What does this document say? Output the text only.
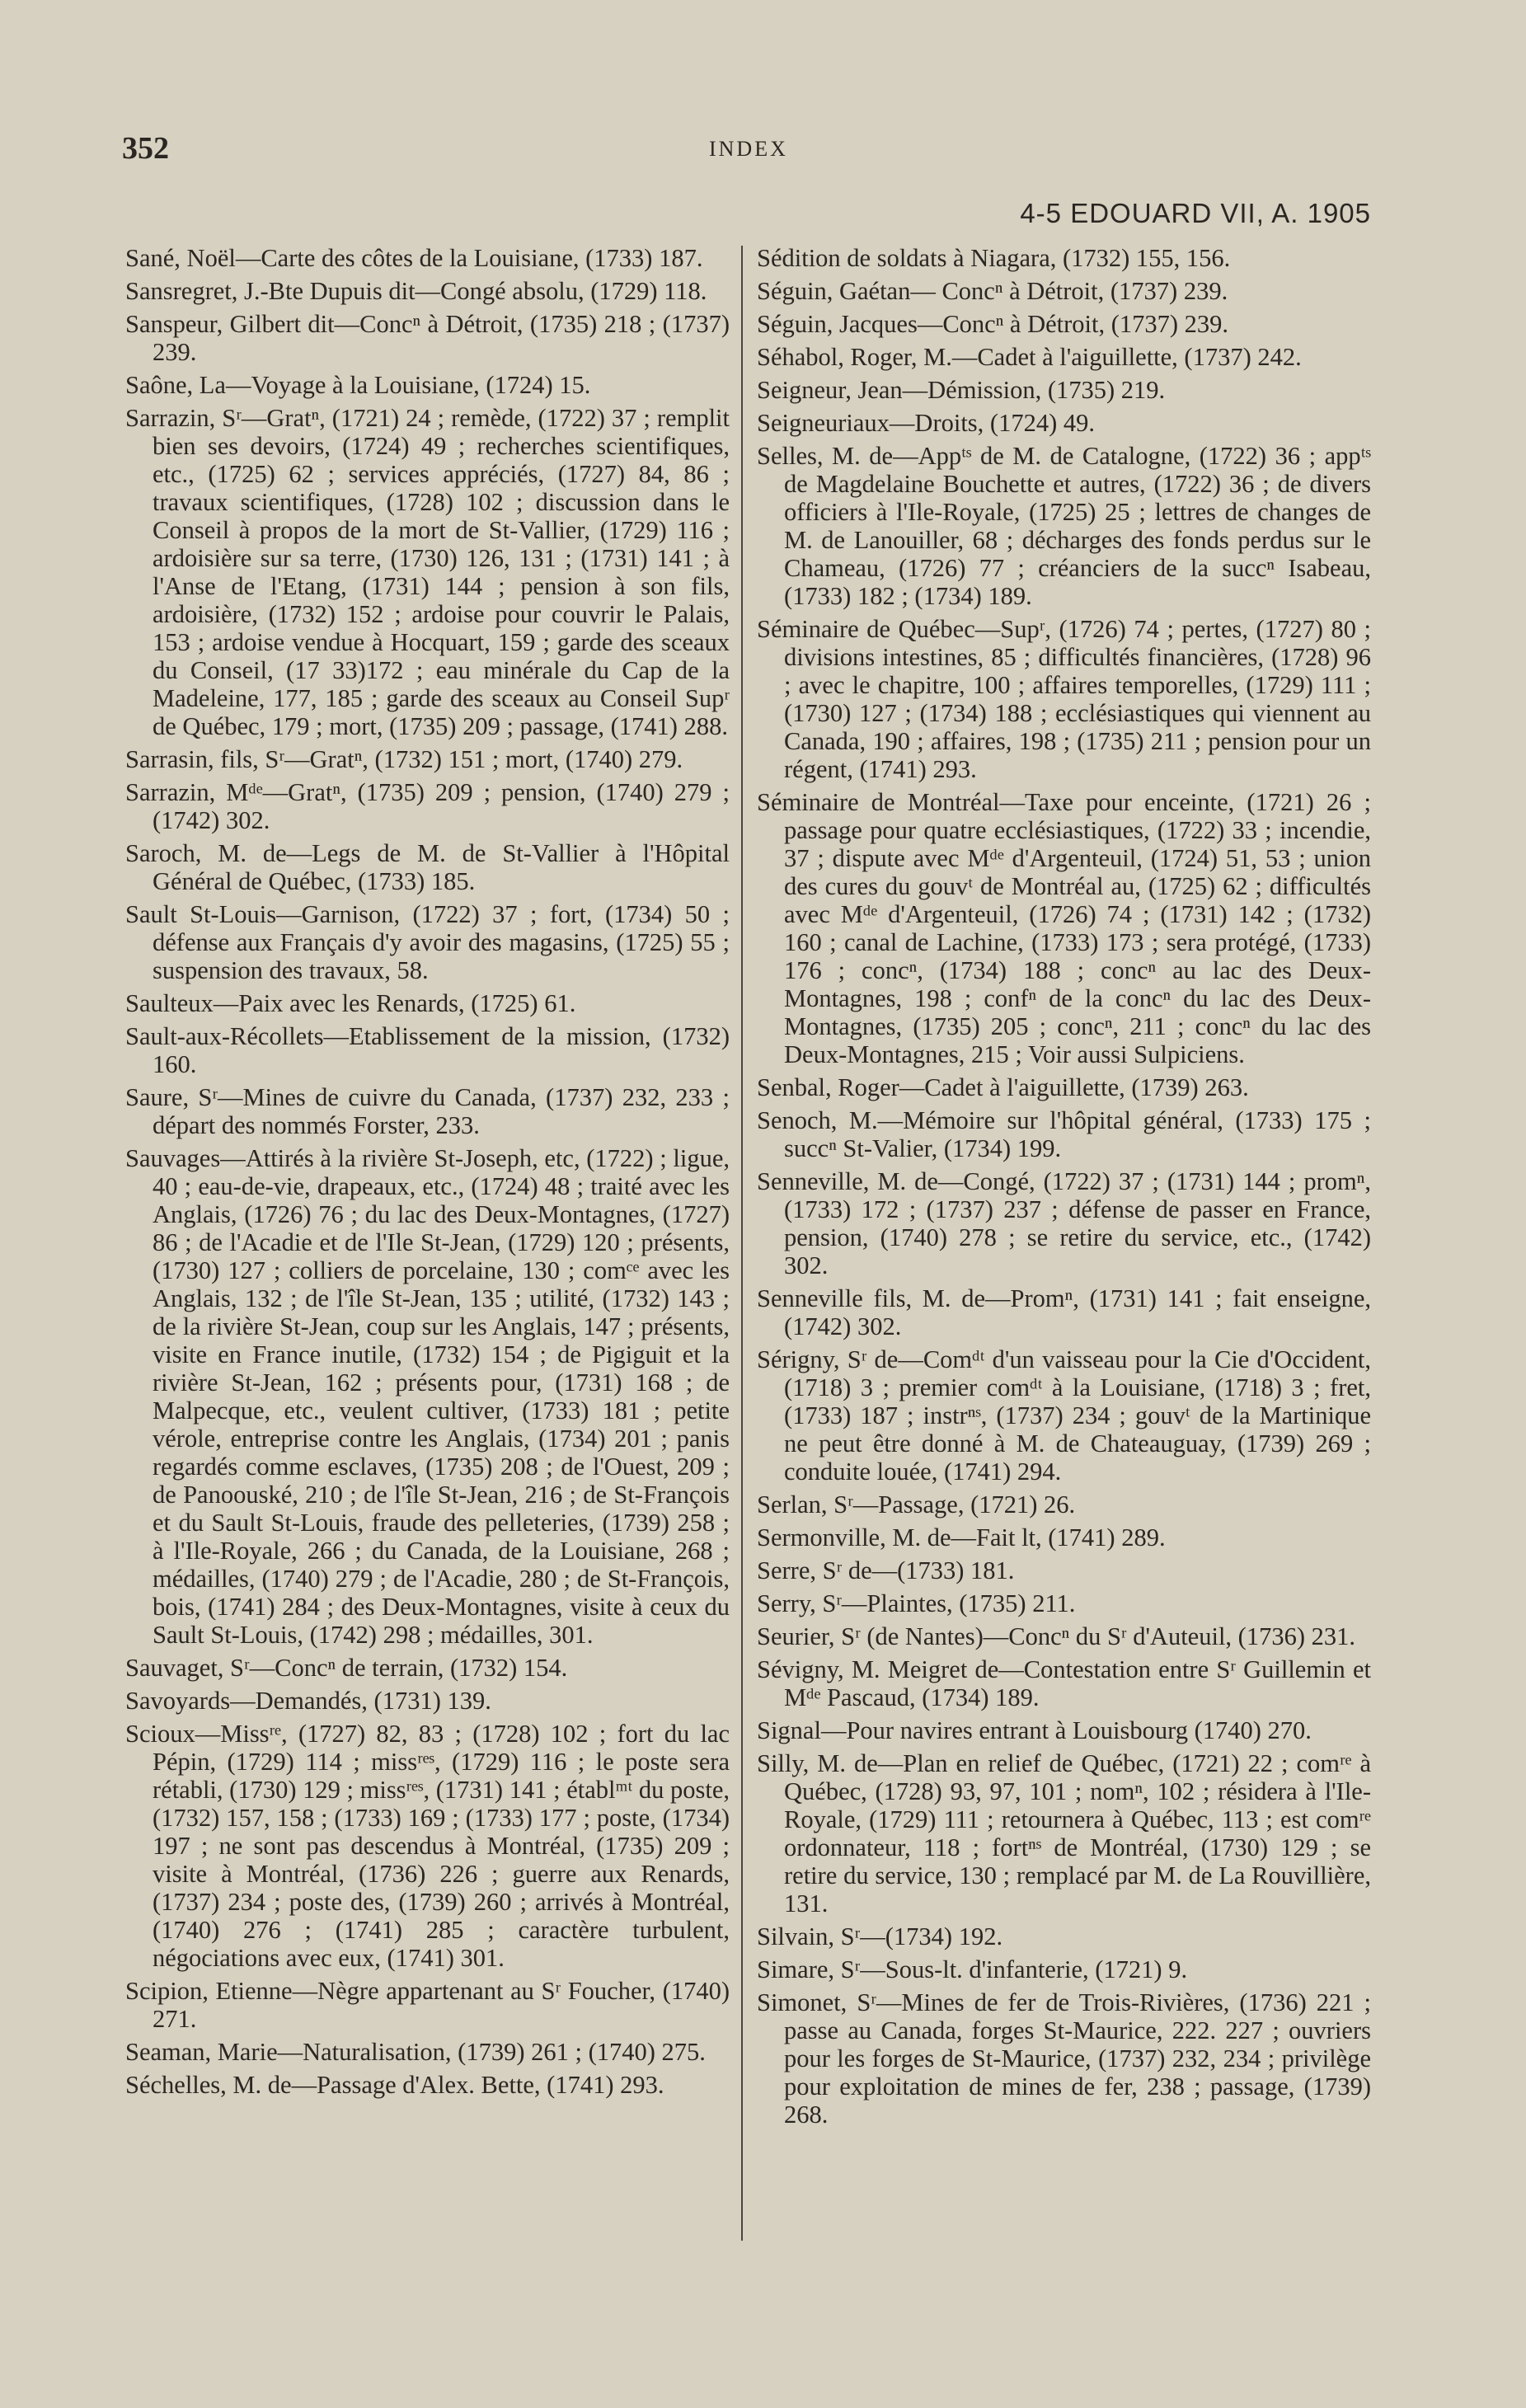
352	INDEX
4-5 EDOUARD VII, A. 1905

Sané, Noël—Carte des côtes de la Louisiane, (1733) 187.

Sansregret, J.-Bte Dupuis dit—Congé absolu, (1729) 118.

Sanspeur, Gilbert dit—Concⁿ à Détroit, (1735) 218 ; (1737) 239.

Saône, La—Voyage à la Louisiane, (1724) 15.

Sarrazin, Sʳ—Gratⁿ, (1721) 24 ; remède, (1722) 37 ; remplit bien ses devoirs, (1724) 49 ; recherches scientifiques, etc., (1725) 62 ; services appréciés, (1727) 84, 86 ; travaux scientifiques, (1728) 102 ; discussion dans le Conseil à propos de la mort de St-Vallier, (1729) 116 ; ardoisière sur sa terre, (1730) 126, 131 ; (1731) 141 ; à l'Anse de l'Etang, (1731) 144 ; pension à son fils, ardoisière, (1732) 152 ; ardoise pour couvrir le Palais, 153 ; ardoise vendue à Hocquart, 159 ; garde des sceaux du Conseil, (17 33)172 ; eau minérale du Cap de la Madeleine, 177, 185 ; garde des sceaux au Conseil Supʳ de Québec, 179 ; mort, (1735) 209 ; passage, (1741) 288.

Sarrasin, fils, Sʳ—Gratⁿ, (1732) 151 ; mort, (1740) 279.

Sarrazin, Mᵈᵉ—Gratⁿ, (1735) 209 ; pension, (1740) 279 ; (1742) 302.

Saroch, M. de—Legs de M. de St-Vallier à l'Hôpital Général de Québec, (1733) 185.

Sault St-Louis—Garnison, (1722) 37 ; fort, (1734) 50 ; défense aux Français d'y avoir des magasins, (1725) 55 ; suspension des travaux, 58.

Saulteux—Paix avec les Renards, (1725) 61.

Sault-aux-Récollets—Etablissement de la mission, (1732) 160.

Saure, Sʳ—Mines de cuivre du Canada, (1737) 232, 233 ; départ des nommés Forster, 233.

Sauvages—Attirés à la rivière St-Joseph, etc, (1722) ; ligue, 40 ; eau-de-vie, drapeaux, etc., (1724) 48 ; traité avec les Anglais, (1726) 76 ; du lac des Deux-Montagnes, (1727) 86 ; de l'Acadie et de l'Ile St-Jean, (1729) 120 ; présents, (1730) 127 ; colliers de porcelaine, 130 ; comᶜᵉ avec les Anglais, 132 ; de l'île St-Jean, 135 ; utilité, (1732) 143 ; de la rivière St-Jean, coup sur les Anglais, 147 ; présents, visite en France inutile, (1732) 154 ; de Pigiguit et la rivière St-Jean, 162 ; présents pour, (1731) 168 ; de Malpecque, etc., veulent cultiver, (1733) 181 ; petite vérole, entreprise contre les Anglais, (1734) 201 ; panis regardés comme esclaves, (1735) 208 ; de l'Ouest, 209 ; de Panoouské, 210 ; de l'île St-Jean, 216 ; de St-François et du Sault St-Louis, fraude des pelleteries, (1739) 258 ; à l'Ile-Royale, 266 ; du Canada, de la Louisiane, 268 ; médailles, (1740) 279 ; de l'Acadie, 280 ; de St-François, bois, (1741) 284 ; des Deux-Montagnes, visite à ceux du Sault St-Louis, (1742) 298 ; médailles, 301.

Sauvaget, Sʳ—Concⁿ de terrain, (1732) 154.

Savoyards—Demandés, (1731) 139.

Scioux—Missʳᵉ, (1727) 82, 83 ; (1728) 102 ; fort du lac Pépin, (1729) 114 ; missʳᵉˢ, (1729) 116 ; le poste sera rétabli, (1730) 129 ; missʳᵉˢ, (1731) 141 ; établᵐᵗ du poste, (1732) 157, 158 ; (1733) 169 ; (1733) 177 ; poste, (1734) 197 ; ne sont pas descendus à Montréal, (1735) 209 ; visite à Montréal, (1736) 226 ; guerre aux Renards, (1737) 234 ; poste des, (1739) 260 ; arrivés à Montréal, (1740) 276 ; (1741) 285 ; caractère turbulent, négociations avec eux, (1741) 301.

Scipion, Etienne—Nègre appartenant au Sʳ Foucher, (1740) 271.

Seaman, Marie—Naturalisation, (1739) 261 ; (1740) 275.

Séchelles, M. de—Passage d'Alex. Bette, (1741) 293.

Sédition de soldats à Niagara, (1732) 155, 156.

Séguin, Gaétan— Concⁿ à Détroit, (1737) 239.

Séguin, Jacques—Concⁿ à Détroit, (1737) 239.

Séhabol, Roger, M.—Cadet à l'aiguillette, (1737) 242.

Seigneur, Jean—Démission, (1735) 219.

Seigneuriaux—Droits, (1724) 49.

Selles, M. de—Appᵗˢ de M. de Catalogne, (1722) 36 ; appᵗˢ de Magdelaine Bouchette et autres, (1722) 36 ; de divers officiers à l'Ile-Royale, (1725) 25 ; lettres de changes de M. de Lanouiller, 68 ; décharges des fonds perdus sur le Chameau, (1726) 77 ; créanciers de la succⁿ Isabeau, (1733) 182 ; (1734) 189.

Séminaire de Québec—Supʳ, (1726) 74 ; pertes, (1727) 80 ; divisions intestines, 85 ; difficultés financières, (1728) 96 ; avec le chapitre, 100 ; affaires temporelles, (1729) 111 ; (1730) 127 ; (1734) 188 ; ecclésiastiques qui viennent au Canada, 190 ; affaires, 198 ; (1735) 211 ; pension pour un régent, (1741) 293.

Séminaire de Montréal—Taxe pour enceinte, (1721) 26 ; passage pour quatre ecclésiastiques, (1722) 33 ; incendie, 37 ; dispute avec Mᵈᵉ d'Argenteuil, (1724) 51, 53 ; union des cures du gouvᵗ de Montréal au, (1725) 62 ; difficultés avec Mᵈᵉ d'Argenteuil, (1726) 74 ; (1731) 142 ; (1732) 160 ; canal de Lachine, (1733) 173 ; sera protégé, (1733) 176 ; concⁿ, (1734) 188 ; concⁿ au lac des Deux-Montagnes, 198 ; confⁿ de la concⁿ du lac des Deux-Montagnes, (1735) 205 ; concⁿ, 211 ; concⁿ du lac des Deux-Montagnes, 215 ; Voir aussi Sulpiciens.

Senbal, Roger—Cadet à l'aiguillette, (1739) 263.

Senoch, M.—Mémoire sur l'hôpital général, (1733) 175 ; succⁿ St-Valier, (1734) 199.

Senneville, M. de—Congé, (1722) 37 ; (1731) 144 ; promⁿ, (1733) 172 ; (1737) 237 ; défense de passer en France, pension, (1740) 278 ; se retire du service, etc., (1742) 302.

Senneville fils, M. de—Promⁿ, (1731) 141 ; fait enseigne, (1742) 302.

Sérigny, Sʳ de—Comᵈᵗ d'un vaisseau pour la Cie d'Occident, (1718) 3 ; premier comᵈᵗ à la Louisiane, (1718) 3 ; fret, (1733) 187 ; instrⁿˢ, (1737) 234 ; gouvᵗ de la Martinique ne peut être donné à M. de Chateauguay, (1739) 269 ; conduite louée, (1741) 294.

Serlan, Sʳ—Passage, (1721) 26.

Sermonville, M. de—Fait lt, (1741) 289.

Serre, Sʳ de—(1733) 181.

Serry, Sʳ—Plaintes, (1735) 211.

Seurier, Sʳ (de Nantes)—Concⁿ du Sʳ d'Auteuil, (1736) 231.

Sévigny, M. Meigret de—Contestation entre Sʳ Guillemin et Mᵈᵉ Pascaud, (1734) 189.

Signal—Pour navires entrant à Louisbourg (1740) 270.

Silly, M. de—Plan en relief de Québec, (1721) 22 ; comʳᵉ à Québec, (1728) 93, 97, 101 ; nomⁿ, 102 ; résidera à l'Ile-Royale, (1729) 111 ; retournera à Québec, 113 ; est comʳᵉ ordonnateur, 118 ; fortⁿˢ de Montréal, (1730) 129 ; se retire du service, 130 ; remplacé par M. de La Rouvillière, 131.

Silvain, Sʳ—(1734) 192.

Simare, Sʳ—Sous-lt. d'infanterie, (1721) 9.

Simonet, Sʳ—Mines de fer de Trois-Rivières, (1736) 221 ; passe au Canada, forges St-Maurice, 222. 227 ; ouvriers pour les forges de St-Maurice, (1737) 232, 234 ; privilège pour exploitation de mines de fer, 238 ; passage, (1739) 268.
